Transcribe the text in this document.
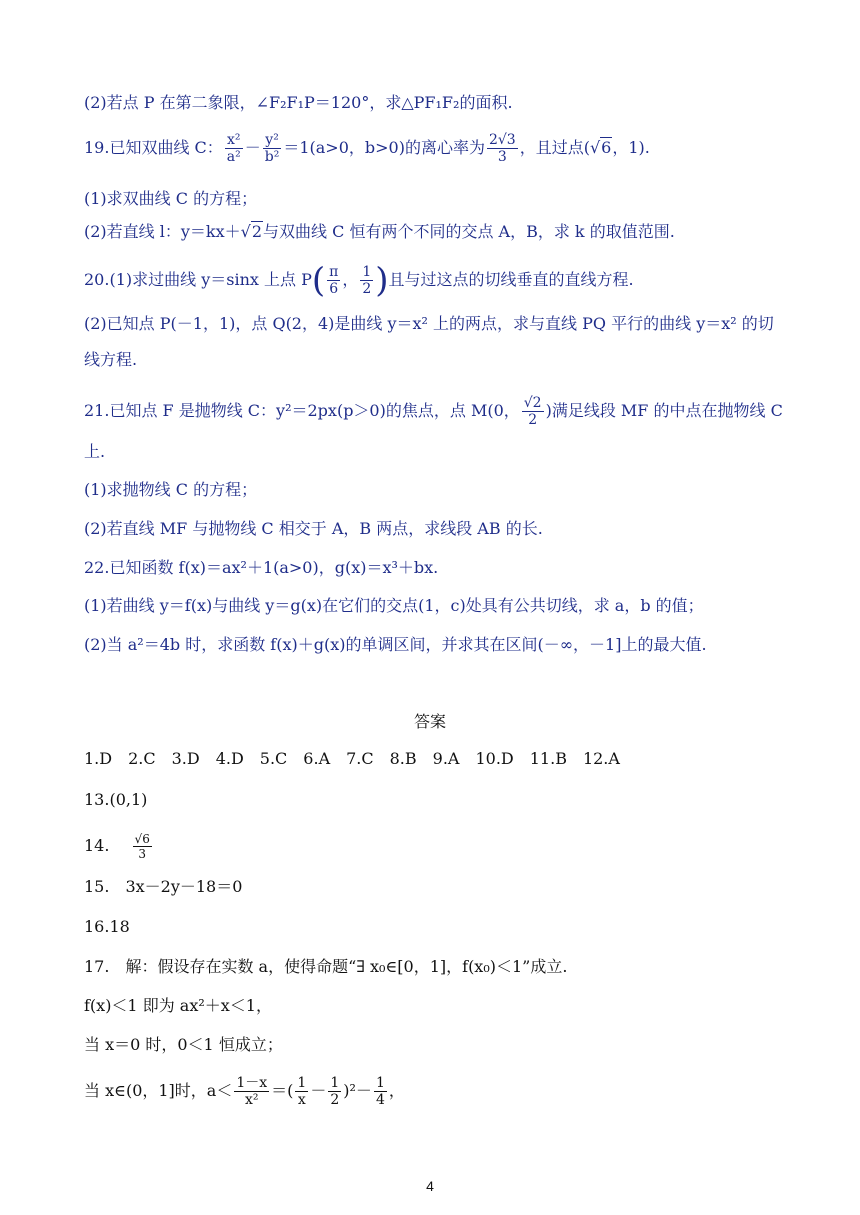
(2)若点 P 在第二象限，∠F₂F₁P＝120°，求△PF₁F₂的面积.
19.已知双曲线 C： $\frac{\text{x²}}{\text{a²}} - \frac{\text{y²}}{\text{b²}} =1(a>0$，b>0)的离心率为 $\frac{2√3}{3}$ ，且过点(√6，1).
(1)求双曲线 C 的方程；
(2)若直线 l：y＝kx＋√2与双曲线 C 恒有两个不同的交点 A，B，求 k 的取值范围.
20.(1)求过曲线 y＝sinx 上点 $P( \frac{\pi}{6}$ ， $\frac{1}{2}$ )且与过这点的切线垂直的直线方程.
(2)已知点 P(－1，1)，点 Q(2，4)是曲线 y＝x² 上的两点，求与直线 PQ 平行的曲线 y＝x² 的切
线方程.
21.已知点 F 是抛物线 C：y²＝2px(p＞0)的焦点，点 M(0， $\frac{√2}{2}$ )满足线段 MF 的中点在抛物线 C
上.
(1)求抛物线 C 的方程；
(2)若直线 MF 与抛物线 C 相交于 A，B 两点，求线段 AB 的长.
22.已知函数 f(x)＝ax²＋1(a>0)，g(x)＝x³＋bx.
(1)若曲线 y＝f(x)与曲线 y＝g(x)在它们的交点(1，c)处具有公共切线，求 a，b 的值；
(2)当 a²＝4b 时，求函数 f(x)＋g(x)的单调区间，并求其在区间(－∞，－1]上的最大值.
答案
1.D　2.C　3.D　4.D　5.C　6.A　7.C　8.B　9.A　10.D　11.B　12.A
13.(0,1)
14. $\frac{√6}{3}$
15.　3x－2y－18＝0
16.18
17.　解：假设存在实数 a，使得命题“∃ x₀∈[0，1]，f(x₀)＜1”成立.
f(x)＜1 即为 ax²＋x＜1，
当 x＝0 时，0＜1 恒成立；
当 x∈(0，1]时，$a< \frac{1-x}{\text{x²}}$ ＝( $\frac{1}{x} - \frac{1}{2} )^2- \frac{1}{4}$ ，
4
